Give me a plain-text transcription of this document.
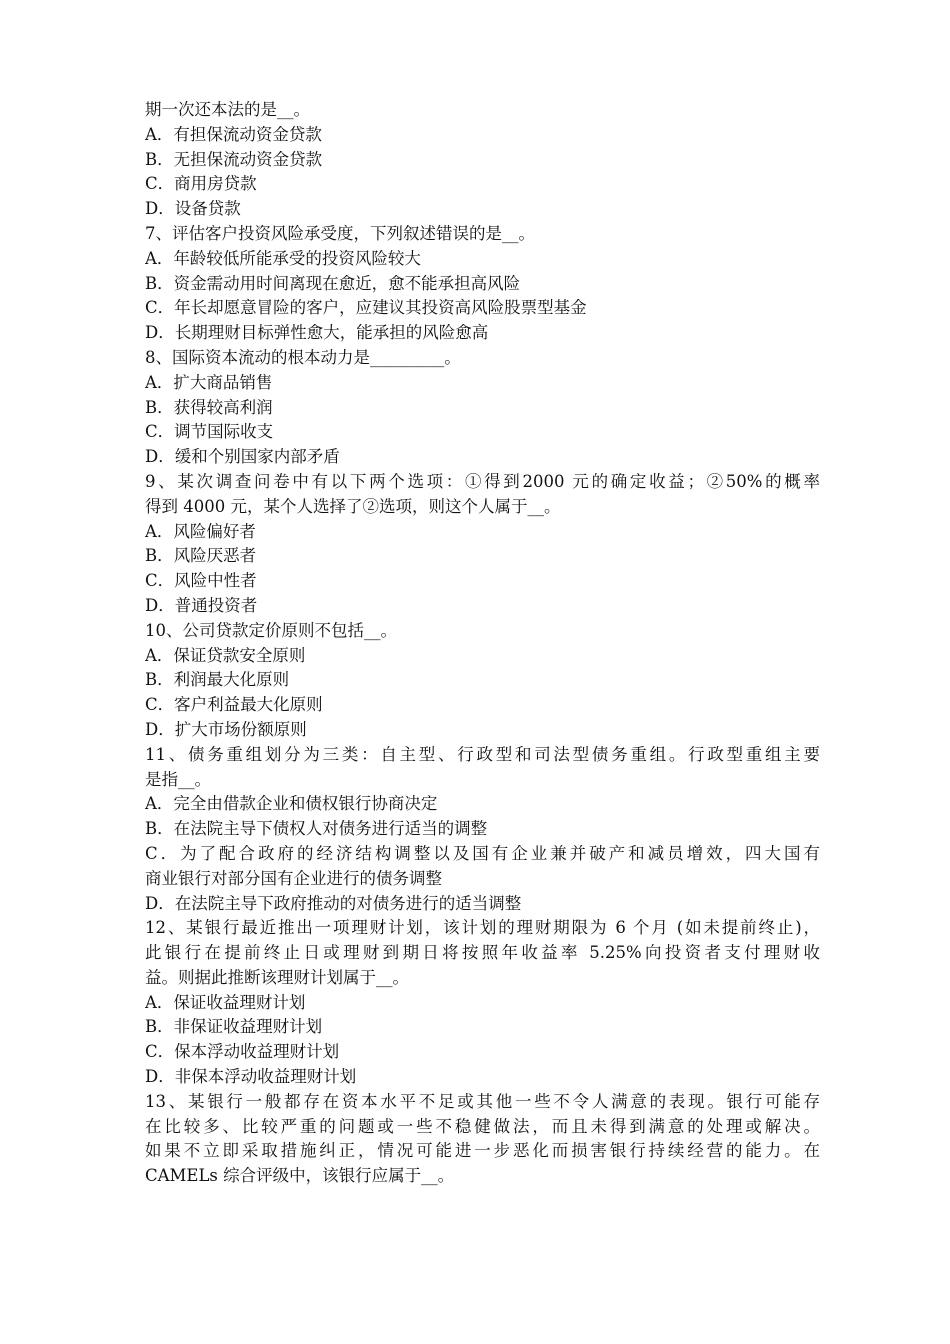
期一次还本法的是__。
A．有担保流动资金贷款
B．无担保流动资金贷款
C．商用房贷款
D．设备贷款
7、评估客户投资风险承受度，下列叙述错误的是__。
A．年龄较低所能承受的投资风险较大
B．资金需动用时间离现在愈近，愈不能承担高风险
C．年长却愿意冒险的客户，应建议其投资高风险股票型基金
D．长期理财目标弹性愈大，能承担的风险愈高
8、国际资本流动的根本动力是_________。
A．扩大商品销售
B．获得较高利润
C．调节国际收支
D．缓和个别国家内部矛盾
9、某次调查问卷中有以下两个选项：①得到2000 元的确定收益；②50%的概率
得到 4000 元，某个人选择了②选项，则这个人属于__。
A．风险偏好者
B．风险厌恶者
C．风险中性者
D．普通投资者
10、公司贷款定价原则不包括__。
A．保证贷款安全原则
B．利润最大化原则
C．客户利益最大化原则
D．扩大市场份额原则
11、债务重组划分为三类：自主型、行政型和司法型债务重组。行政型重组主要
是指__。
A．完全由借款企业和债权银行协商决定
B．在法院主导下债权人对债务进行适当的调整
C．为了配合政府的经济结构调整以及国有企业兼并破产和减员增效，四大国有
商业银行对部分国有企业进行的债务调整
D．在法院主导下政府推动的对债务进行的适当调整
12、某银行最近推出一项理财计划，该计划的理财期限为 6 个月 (如未提前终止)，
此银行在提前终止日或理财到期日将按照年收益率 5.25%向投资者支付理财收
益。则据此推断该理财计划属于__。
A．保证收益理财计划
B．非保证收益理财计划
C．保本浮动收益理财计划
D．非保本浮动收益理财计划
13、某银行一般都存在资本水平不足或其他一些不令人满意的表现。银行可能存
在比较多、比较严重的问题或一些不稳健做法，而且未得到满意的处理或解决。
如果不立即采取措施纠正，情况可能进一步恶化而损害银行持续经营的能力。在
CAMELs 综合评级中，该银行应属于__。
